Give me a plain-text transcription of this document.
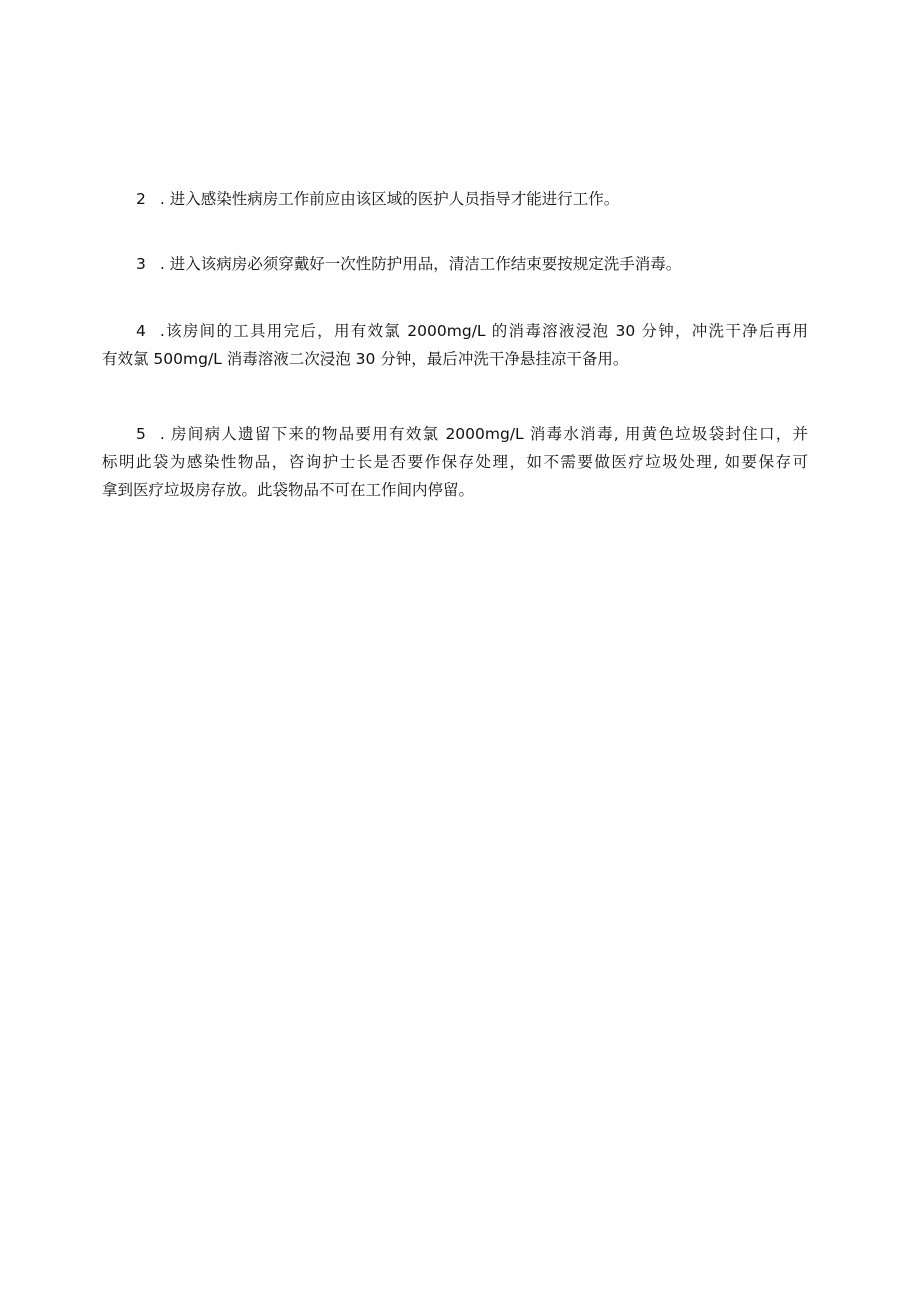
2 . 进入感染性病房工作前应由该区域的医护人员指导才能进行工作。
3 . 进入该病房必须穿戴好一次性防护用品，清洁工作结束要按规定洗手消毒。
4 .该房间的工具用完后，用有效氯 2000mg/L 的消毒溶液浸泡 30 分钟，冲洗干净后再用
有效氯 500mg/L 消毒溶液二次浸泡 30 分钟，最后冲洗干净悬挂凉干备用。
5 . 房间病人遗留下来的物品要用有效氯 2000mg/L 消毒水消毒, 用黄色垃圾袋封住口，并
标明此袋为感染性物品，咨询护士长是否要作保存处理，如不需要做医疗垃圾处理, 如要保存可
拿到医疗垃圾房存放。此袋物品不可在工作间内停留。
